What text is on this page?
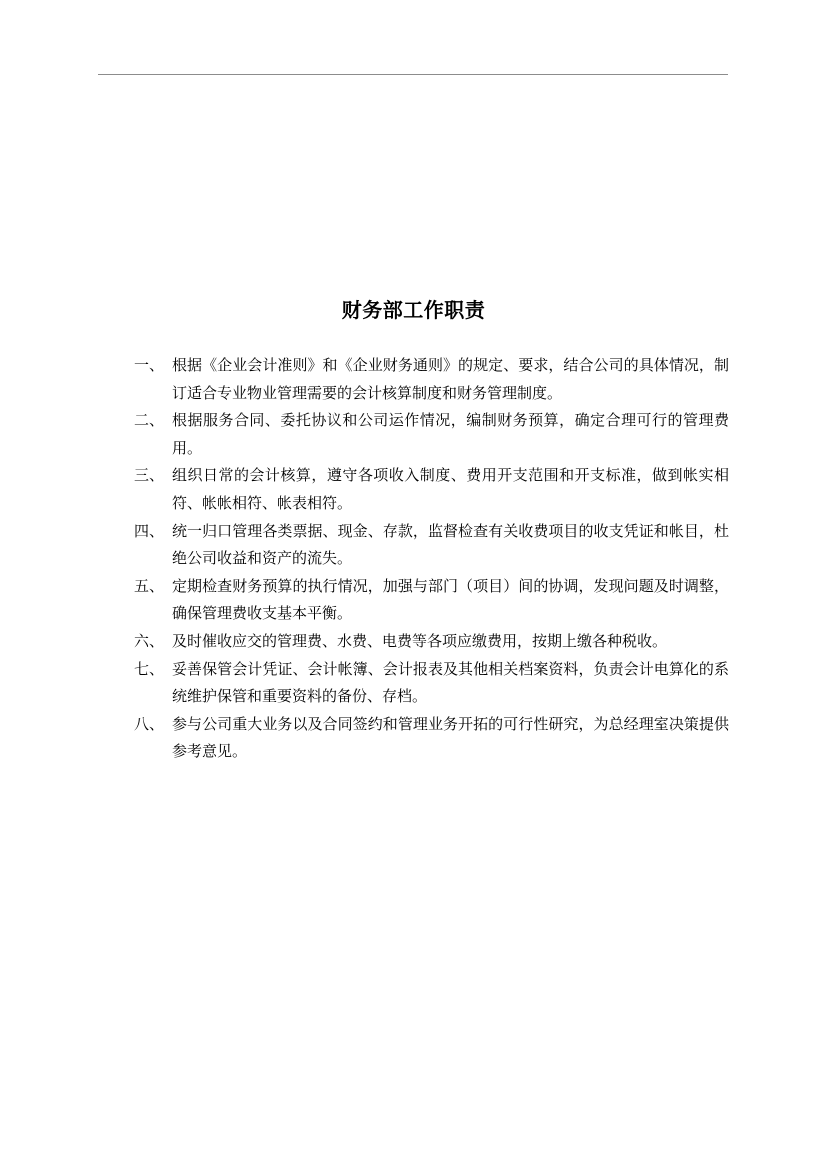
财务部工作职责
一、 根据《企业会计准则》和《企业财务通则》的规定、要求，结合公司的具体情况，制订适合专业物业管理需要的会计核算制度和财务管理制度。
二、 根据服务合同、委托协议和公司运作情况，编制财务预算，确定合理可行的管理费用。
三、 组织日常的会计核算，遵守各项收入制度、费用开支范围和开支标准，做到帐实相符、帐帐相符、帐表相符。
四、 统一归口管理各类票据、现金、存款，监督检查有关收费项目的收支凭证和帐目，杜绝公司收益和资产的流失。
五、 定期检查财务预算的执行情况，加强与部门（项目）间的协调，发现问题及时调整，确保管理费收支基本平衡。
六、 及时催收应交的管理费、水费、电费等各项应缴费用，按期上缴各种税收。
七、 妥善保管会计凭证、会计帐簿、会计报表及其他相关档案资料，负责会计电算化的系统维护保管和重要资料的备份、存档。
八、 参与公司重大业务以及合同签约和管理业务开拓的可行性研究，为总经理室决策提供参考意见。
